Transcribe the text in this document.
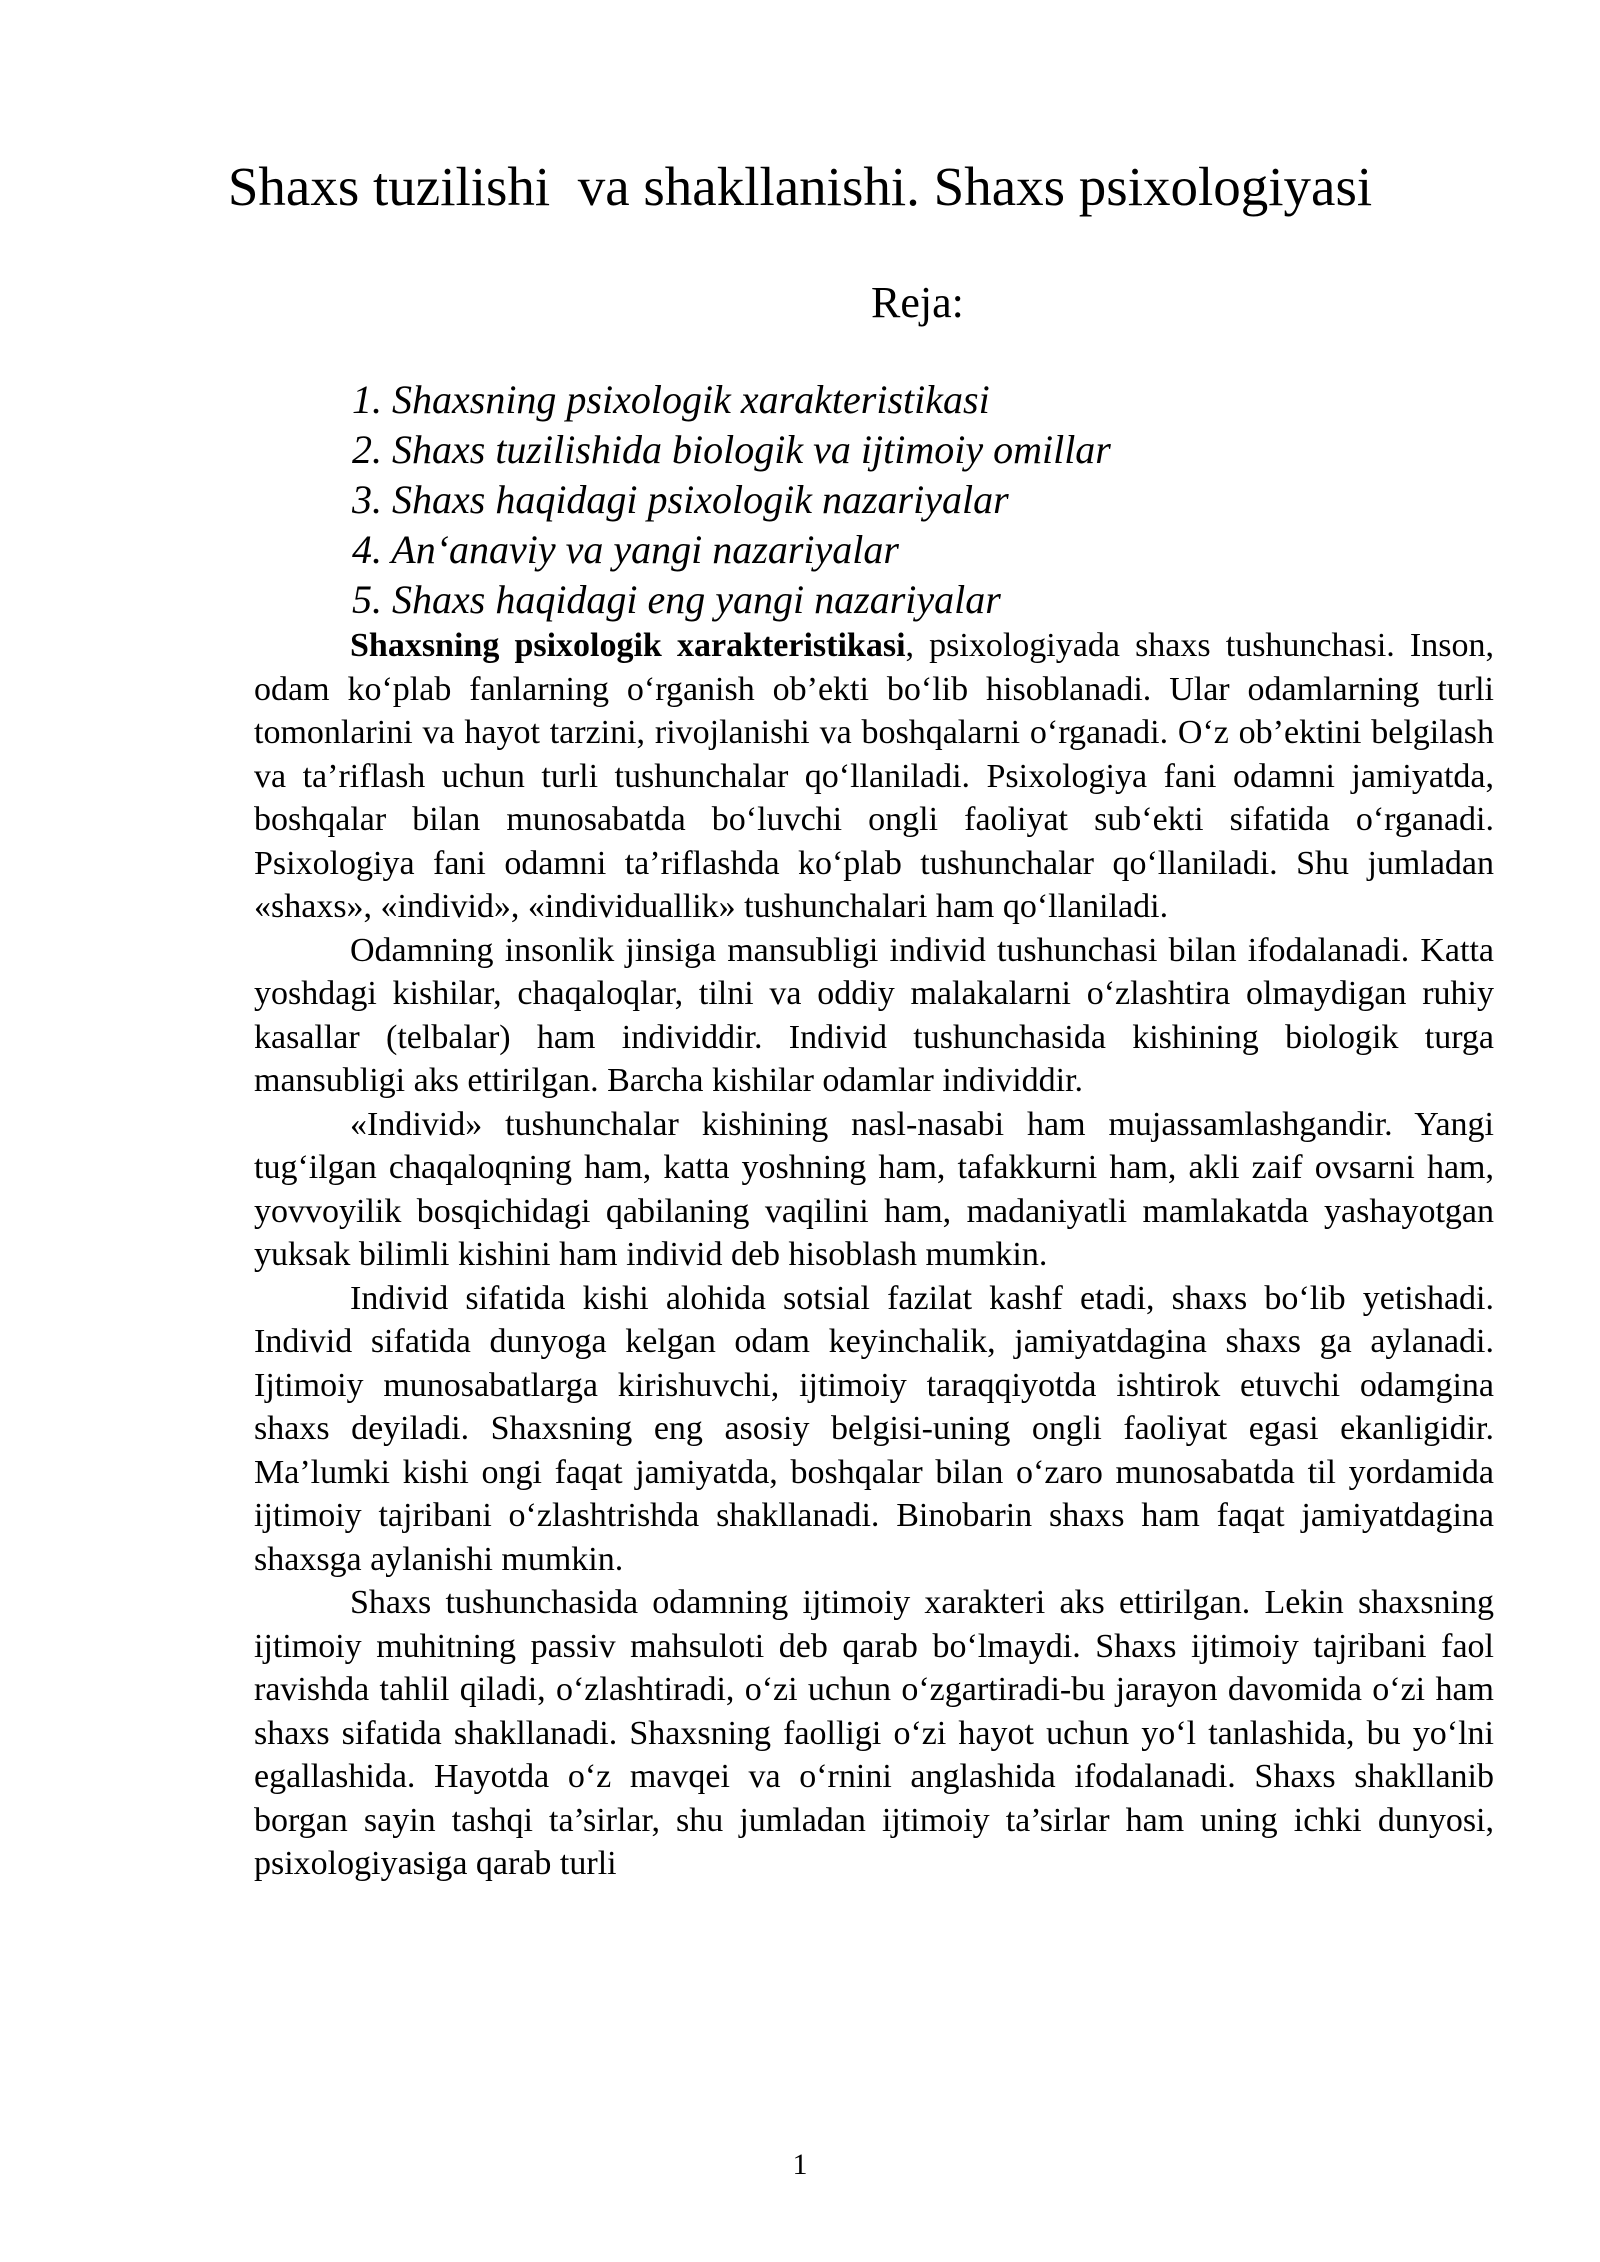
Shaxs tuzilishi  va shakllanishi. Shaxs psixologiyasi
Reja:
1. Shaxsning psixologik xarakteristikasi
2. Shaxs tuzilishida biologik va ijtimoiy omillar
3. Shaxs haqidagi psixologik nazariyalar
4. An‘anaviy va yangi nazariyalar
5. Shaxs haqidagi eng yangi nazariyalar

Shaxsning psixologik xarakteristikasi, psixologiyada shaxs tushunchasi. Inson, odam ko‘plab fanlarning o‘rganish ob’ekti bo‘lib hisoblanadi. Ular odamlarning turli tomonlarini va hayot tarzini, rivojlanishi va boshqalarni o‘rganadi. O‘z ob’ektini belgilash va ta’riflash uchun turli tushunchalar qo‘llaniladi. Psixologiya fani odamni jamiyatda, boshqalar bilan munosabatda bo‘luvchi ongli faoliyat sub‘ekti sifatida o‘rganadi. Psixologiya fani odamni ta’riflashda ko‘plab tushunchalar qo‘llaniladi. Shu jumladan «shaxs», «individ», «individuallik» tushunchalari ham qo‘llaniladi.

Odamning insonlik jinsiga mansubligi individ tushunchasi bilan ifodalanadi. Katta yoshdagi kishilar, chaqaloqlar, tilni va oddiy malakalarni o‘zlashtira olmaydigan ruhiy kasallar (telbalar) ham individdir. Individ tushunchasida kishining biologik turga mansubligi aks ettirilgan. Barcha kishilar odamlar individdir.

«Individ» tushunchalar kishining nasl-nasabi ham mujassamlashgandir. Yangi tug‘ilgan chaqaloqning ham, katta yoshning ham, tafakkurni ham, akli zaif ovsarni ham, yovvoyilik bosqichidagi qabilaning vaqilini ham, madaniyatli mamlakatda yashayotgan yuksak bilimli kishini ham individ deb hisoblash mumkin.

Individ sifatida kishi alohida sotsial fazilat kashf etadi, shaxs bo‘lib yetishadi. Individ sifatida dunyoga kelgan odam keyinchalik, jamiyatdagina shaxs ga aylanadi. Ijtimoiy munosabatlarga kirishuvchi, ijtimoiy taraqqiyotda ishtirok etuvchi odamgina shaxs deyiladi. Shaxsning eng asosiy belgisi-uning ongli faoliyat egasi ekanligidir. Ma’lumki kishi ongi faqat jamiyatda, boshqalar bilan o‘zaro munosabatda til yordamida ijtimoiy tajribani o‘zlashtrishda shakllanadi. Binobarin shaxs ham faqat jamiyatdagina shaxsga aylanishi mumkin.

Shaxs tushunchasida odamning ijtimoiy xarakteri aks ettirilgan. Lekin shaxsning ijtimoiy muhitning passiv mahsuloti deb qarab bo‘lmaydi. Shaxs ijtimoiy tajribani faol ravishda tahlil qiladi, o‘zlashtiradi, o‘zi uchun o‘zgartiradi-bu jarayon davomida o‘zi ham shaxs sifatida shakllanadi. Shaxsning faolligi o‘zi hayot uchun yo‘l tanlashida, bu yo‘lni egallashida. Hayotda o‘z mavqei va o‘rnini anglashida ifodalanadi. Shaxs shakllanib borgan sayin tashqi ta’sirlar, shu jumladan ijtimoiy ta’sirlar ham uning ichki dunyosi, psixologiyasiga qarab turli

1
